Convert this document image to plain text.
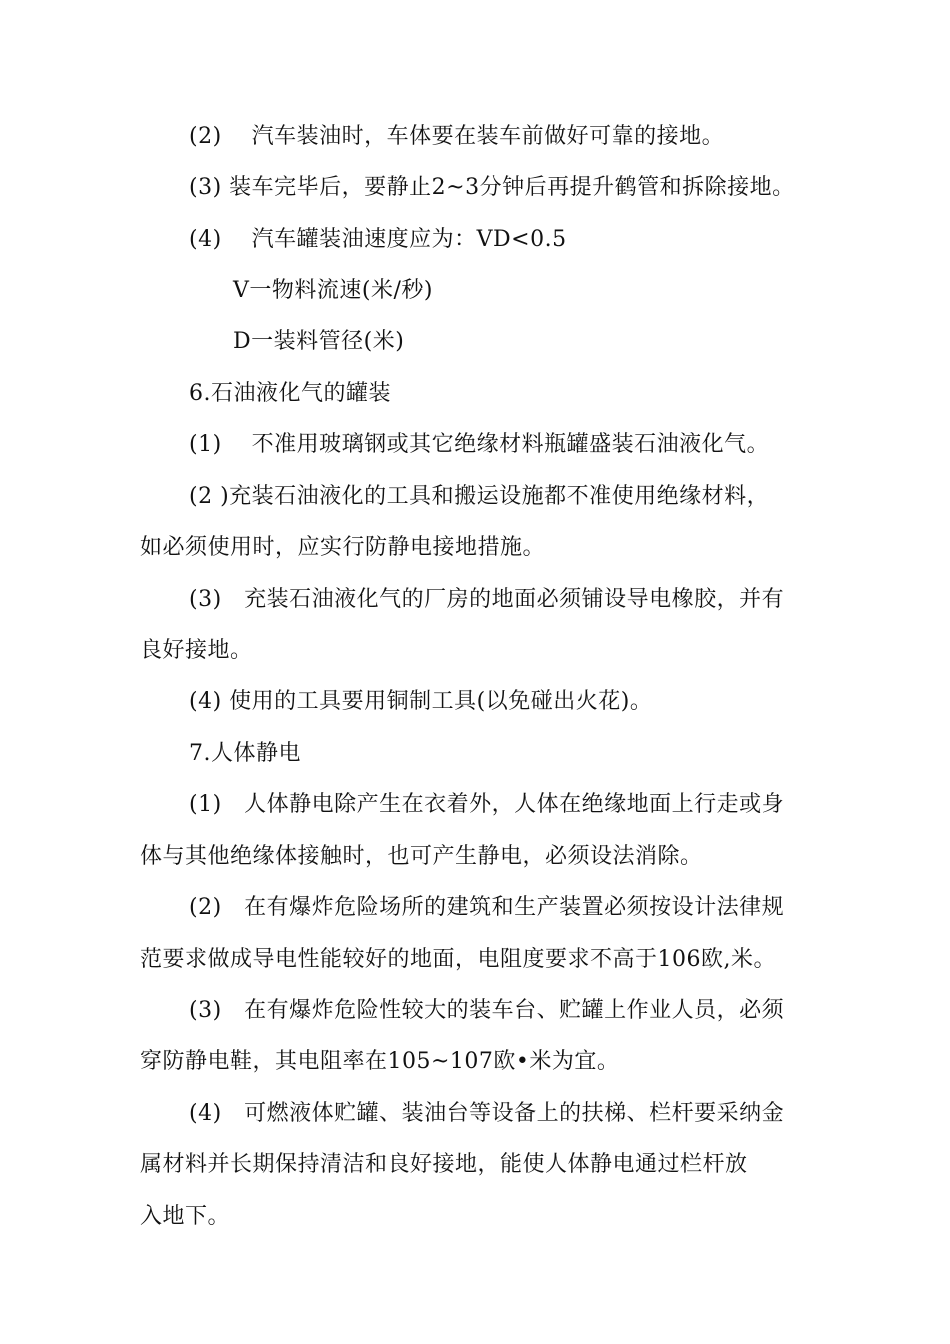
(2)　 汽车装油时，车体要在装车前做好可靠的接地。
(3) 装车完毕后，要静止2~3分钟后再提升鹤管和拆除接地。
(4)　 汽车罐装油速度应为：VD<0.5
V一物料流速(米/秒)
D一装料管径(米)
6.石油液化气的罐装
(1)　 不准用玻璃钢或其它绝缘材料瓶罐盛装石油液化气。
(2 )充装石油液化的工具和搬运设施都不准使用绝缘材料，
如必须使用时，应实行防静电接地措施。
(3)　充装石油液化气的厂房的地面必须铺设导电橡胶，并有
良好接地。
(4) 使用的工具要用铜制工具(以免碰出火花)。
7.人体静电
(1)　人体静电除产生在衣着外，人体在绝缘地面上行走或身
体与其他绝缘体接触时，也可产生静电，必须设法消除。
(2)　在有爆炸危险场所的建筑和生产装置必须按设计法律规
范要求做成导电性能较好的地面，电阻度要求不高于106欧,米。
(3)　在有爆炸危险性较大的装车台、贮罐上作业人员，必须
穿防静电鞋，其电阻率在105~107欧•米为宜。
(4)　可燃液体贮罐、装油台等设备上的扶梯、栏杆要采纳金
属材料并长期保持清洁和良好接地，能使人体静电通过栏杆放
入地下。
